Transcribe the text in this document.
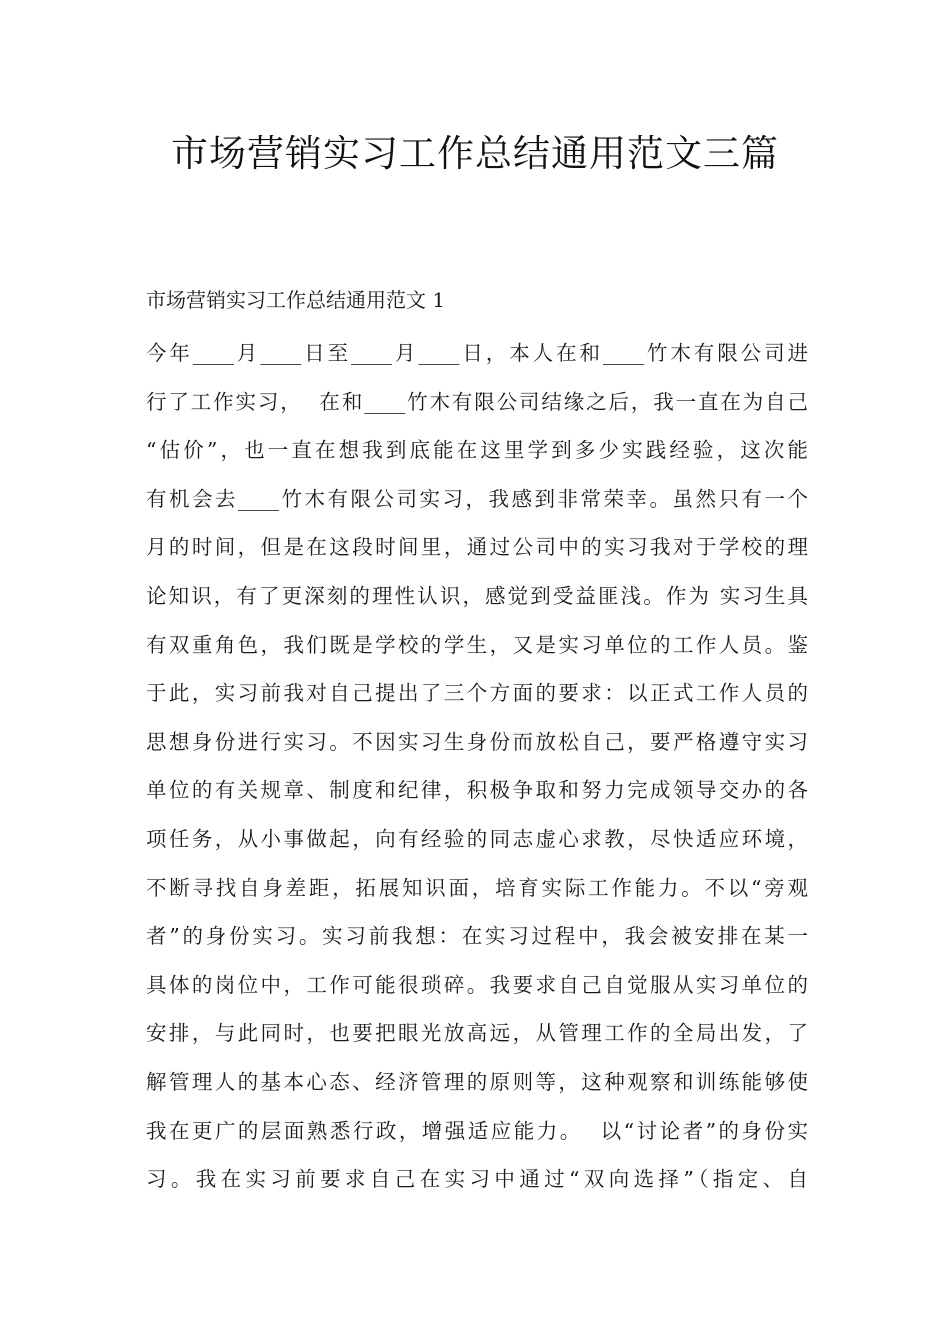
市场营销实习工作总结通用范文三篇
市场营销实习工作总结通用范文 1
今年____月____日至____月____日，本人在和____竹木有限公司进
行了工作实习，  在和____竹木有限公司结缘之后，我一直在为自己
“估价”，也一直在想我到底能在这里学到多少实践经验，这次能
有机会去____竹木有限公司实习，我感到非常荣幸。虽然只有一个
月的时间，但是在这段时间里，通过公司中的实习我对于学校的理
论知识，有了更深刻的理性认识，感觉到受益匪浅。作为 实习生具
有双重角色，我们既是学校的学生，又是实习单位的工作人员。鉴
于此，实习前我对自己提出了三个方面的要求：以正式工作人员的
思想身份进行实习。不因实习生身份而放松自己，要严格遵守实习
单位的有关规章、制度和纪律，积极争取和努力完成领导交办的各
项任务，从小事做起，向有经验的同志虚心求教，尽快适应环境，
不断寻找自身差距，拓展知识面，培育实际工作能力。不以“旁观
者”的身份实习。实习前我想：在实习过程中，我会被安排在某一
具体的岗位中，工作可能很琐碎。我要求自己自觉服从实习单位的
安排，与此同时，也要把眼光放高远，从管理工作的全局出发，了
解管理人的基本心态、经济管理的原则等，这种观察和训练能够使
我在更广的层面熟悉行政，增强适应能力。  以“讨论者”的身份实
习。我在实习前要求自己在实习中通过“双向选择”（指定、自
